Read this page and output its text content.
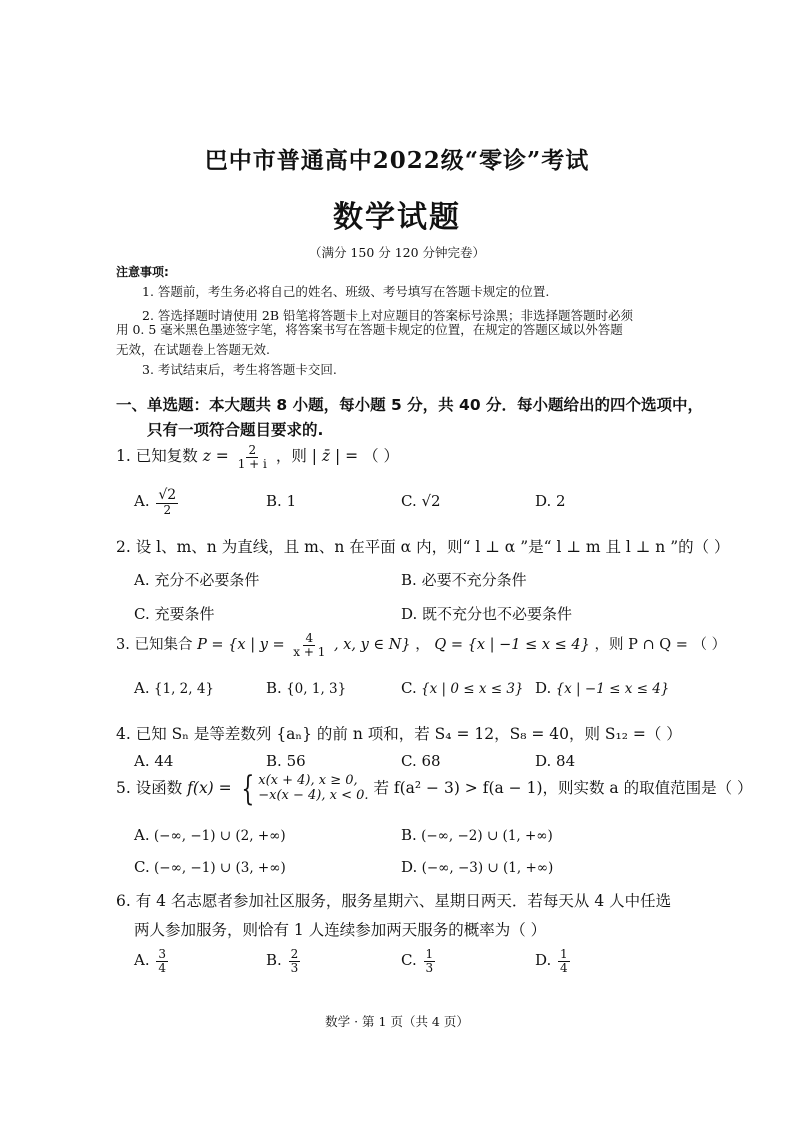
巴中市普通高中2022级“零诊”考试
数学试题
（满分 150 分 120 分钟完卷）
注意事项:
1. 答题前，考生务必将自己的姓名、班级、考号填写在答题卡规定的位置.
2. 答选择题时请使用 2B 铅笔将答题卡上对应题目的答案标号涂黑；非选择题答题时必须
用 0. 5 毫米黑色墨迹签字笔，将答案书写在答题卡规定的位置，在规定的答题区域以外答题
无效，在试题卷上答题无效.
3. 考试结束后，考生将答题卡交回.
一、单选题：本大题共 8 小题，每小题 5 分，共 40 分．每小题给出的四个选项中，
只有一项符合题目要求的.
1. 已知复数 $z = \frac{2}{1 + i}$ ，则 | z̄ | = （ ）
A. $\frac{√2}{2}$	B. 1	C. √2	D. 2
2. 设 l、m、n 为直线，且 m、n 在平面 α 内，则“ l ⊥ α ”是“ l ⊥ m 且 l ⊥ n ”的（ ）
A. 充分不必要条件	B. 必要不充分条件
C. 充要条件	D. 既不充分也不必要条件
3. 已知集合 P = {x | $y = \frac{4}{x + 1}$ , x, y ∈ N} ， Q = {x | −1 ≤ x ≤ 4} ，则 P ∩ Q = （ ）
A. {1, 2, 4}	B. {0, 1, 3}	C. {x | 0 ≤ x ≤ 3} D. {x | −1 ≤ x ≤ 4}
4. 已知 Sₙ 是等差数列 {aₙ} 的前 n 项和，若 S₄ = 12，S₈ = 40，则 S₁₂ =（ ）
A. 44	B. 56	C. 68	D. 84
5. 设函数 f(x) = { x(x + 4), x ≥ 0,
−x(x − 4), x < 0. 若 f(a² − 3) > f(a − 1)，则实数 a 的取值范围是（ ）
A. (−∞, −1) ∪ (2, +∞)	B. (−∞, −2) ∪ (1, +∞)
C. (−∞, −1) ∪ (3, +∞)	D. (−∞, −3) ∪ (1, +∞)
6. 有 4 名志愿者参加社区服务，服务星期六、星期日两天．若每天从 4 人中任选
两人参加服务，则恰有 1 人连续参加两天服务的概率为（ ）
A. $\frac{3}{4}$	B. $\frac{2}{3}$	C. $\frac{1}{3}$	D. $\frac{1}{4}$
数学 · 第 1 页（共 4 页）
